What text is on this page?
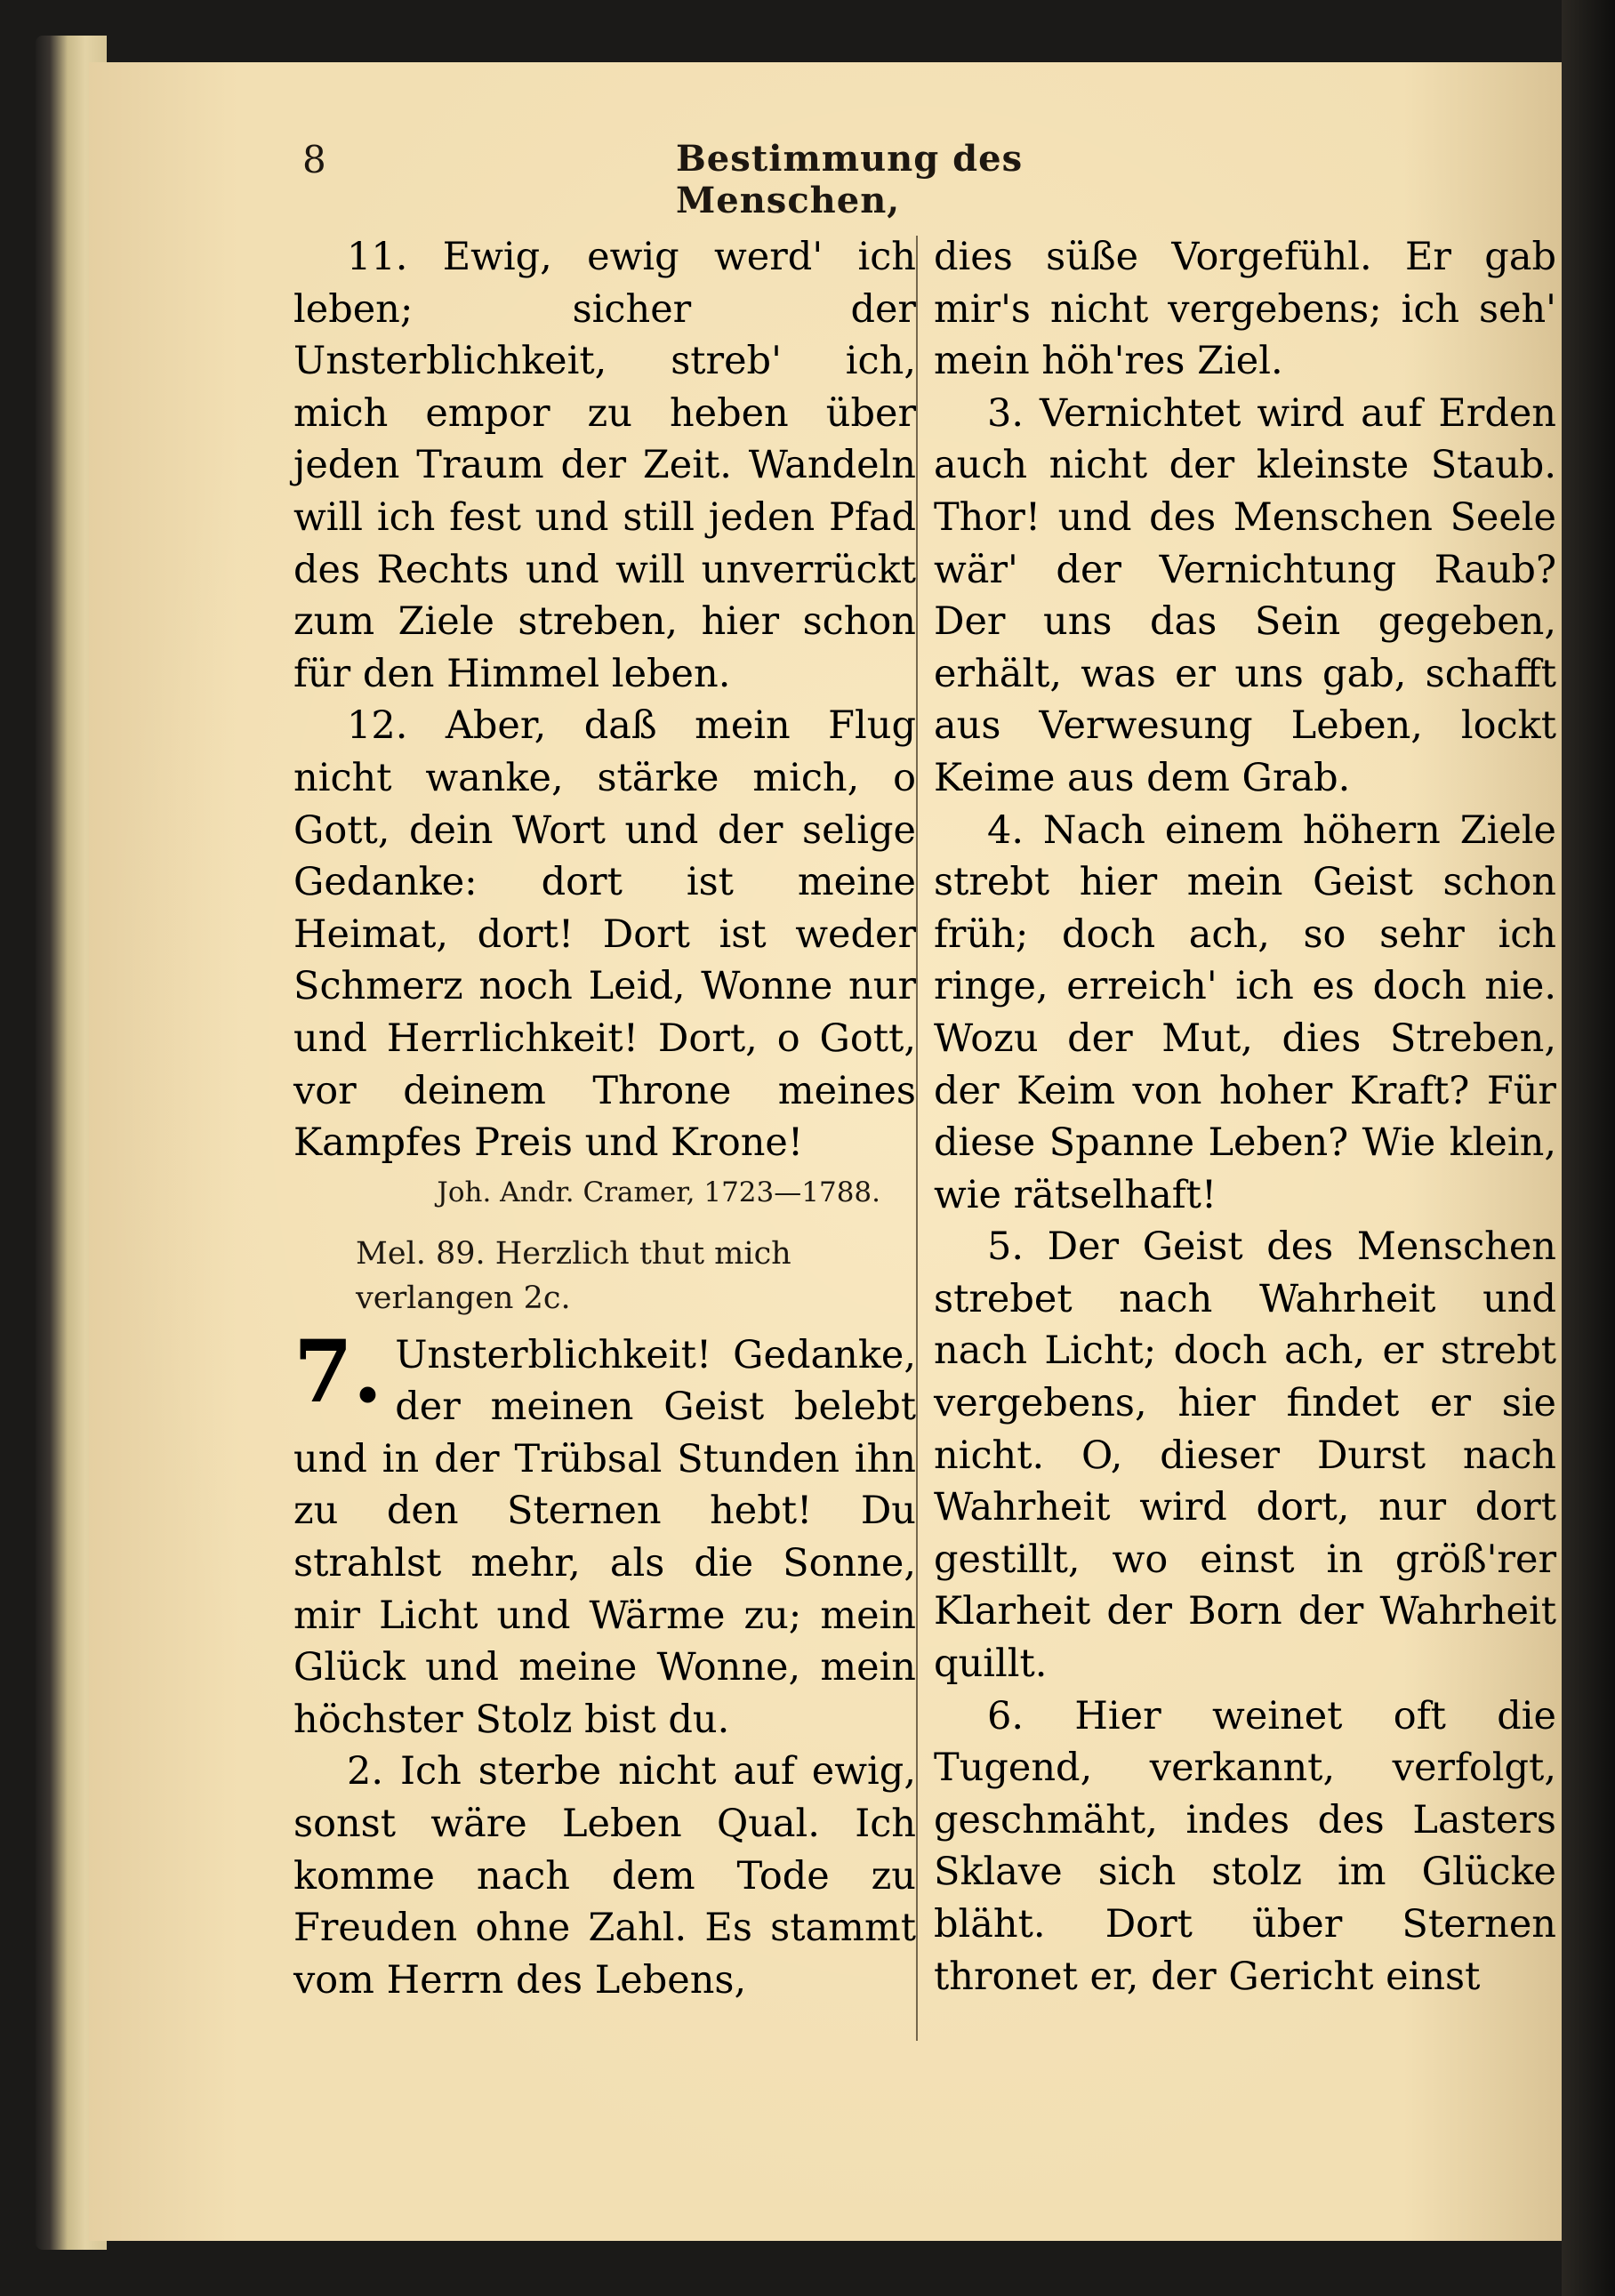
8	Bestimmung des Menschen,

11. Ewig, ewig werd' ich leben; sicher der Unsterblichkeit, streb' ich, mich empor zu heben über jeden Traum der Zeit. Wandeln will ich fest und still jeden Pfad des Rechts und will unverrückt zum Ziele streben, hier schon für den Himmel leben.

12. Aber, daß mein Flug nicht wanke, stärke mich, o Gott, dein Wort und der selige Gedanke: dort ist meine Heimat, dort! Dort ist weder Schmerz noch Leid, Wonne nur und Herrlichkeit! Dort, o Gott, vor deinem Throne meines Kampfes Preis und Krone!

Joh. Andr. Cramer, 1723—1788.

Mel. 89. Herzlich thut mich verlangen 2c.

7. Unsterblichkeit! Gedanke, der meinen Geist belebt und in der Trübsal Stunden ihn zu den Sternen hebt! Du strahlst mehr, als die Sonne, mir Licht und Wärme zu; mein Glück und meine Wonne, mein höchster Stolz bist du.

2. Ich sterbe nicht auf ewig, sonst wäre Leben Qual. Ich komme nach dem Tode zu Freuden ohne Zahl. Es stammt vom Herrn des Lebens,

dies süße Vorgefühl. Er gab mir's nicht vergebens; ich seh' mein höh'res Ziel.

3. Vernichtet wird auf Erden auch nicht der kleinste Staub. Thor! und des Menschen Seele wär' der Vernichtung Raub? Der uns das Sein gegeben, erhält, was er uns gab, schafft aus Verwesung Leben, lockt Keime aus dem Grab.

4. Nach einem höhern Ziele strebt hier mein Geist schon früh; doch ach, so sehr ich ringe, erreich' ich es doch nie. Wozu der Mut, dies Streben, der Keim von hoher Kraft? Für diese Spanne Leben? Wie klein, wie rätselhaft!

5. Der Geist des Menschen strebet nach Wahrheit und nach Licht; doch ach, er strebt vergebens, hier findet er sie nicht. O, dieser Durst nach Wahrheit wird dort, nur dort gestillt, wo einst in größ'rer Klarheit der Born der Wahrheit quillt.

6. Hier weinet oft die Tugend, verkannt, verfolgt, geschmäht, indes des Lasters Sklave sich stolz im Glücke bläht. Dort über Sternen thronet er, der Gericht einst
